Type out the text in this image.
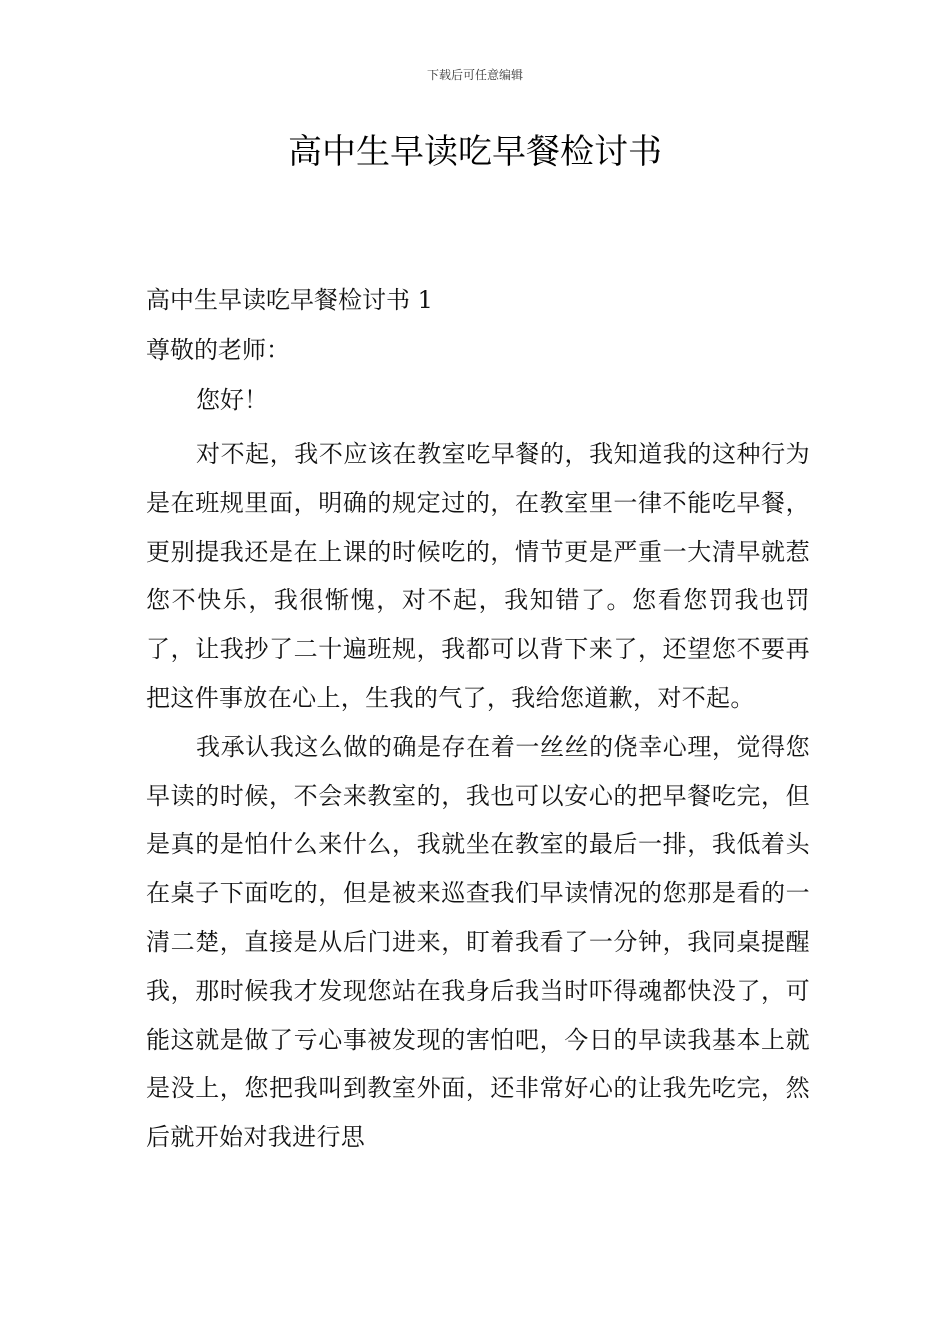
下载后可任意编辑
高中生早读吃早餐检讨书

高中生早读吃早餐检讨书 1

尊敬的老师：

您好！

对不起，我不应该在教室吃早餐的，我知道我的这种行为是在班规里面，明确的规定过的，在教室里一律不能吃早餐，更别提我还是在上课的时候吃的，情节更是严重一大清早就惹您不快乐，我很惭愧，对不起，我知错了。您看您罚我也罚了，让我抄了二十遍班规，我都可以背下来了，还望您不要再把这件事放在心上，生我的气了，我给您道歉，对不起。

我承认我这么做的确是存在着一丝丝的侥幸心理，觉得您早读的时候，不会来教室的，我也可以安心的把早餐吃完，但是真的是怕什么来什么，我就坐在教室的最后一排，我低着头在桌子下面吃的，但是被来巡查我们早读情况的您那是看的一清二楚，直接是从后门进来，盯着我看了一分钟，我同桌提醒我，那时候我才发现您站在我身后我当时吓得魂都快没了，可能这就是做了亏心事被发现的害怕吧，今日的早读我基本上就是没上，您把我叫到教室外面，还非常好心的让我先吃完，然后就开始对我进行思
